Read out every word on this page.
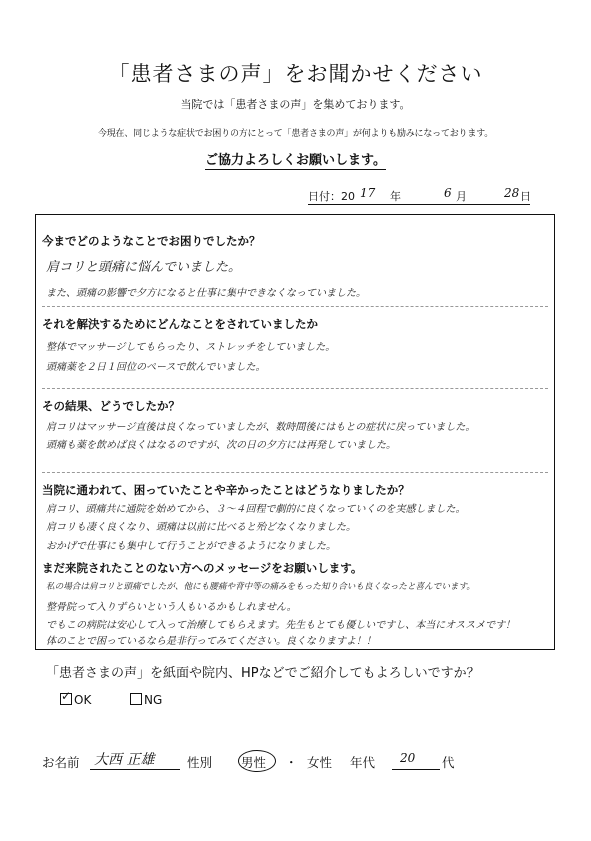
「患者さまの声」をお聞かせください
当院では「患者さまの声」を集めております。
今現在、同じような症状でお困りの方にとって「患者さまの声」が何よりも励みになっております。
ご協力よろしくお願いします。
日付：20 17 年	6 月	28 日
今までどのようなことでお困りでしたか？
肩コリと頭痛に悩んでいました。
また、頭痛の影響で夕方になると仕事に集中できなくなっていました。
それを解決するためにどんなことをされていましたか
整体でマッサージしてもらったり、ストレッチをしていました。
頭痛薬を２日１回位のペースで飲んでいました。
その結果、どうでしたか？
肩コリはマッサージ直後は良くなっていましたが、数時間後にはもとの症状に戻っていました。
頭痛も薬を飲めば良くはなるのですが、次の日の夕方には再発していました。
当院に通われて、困っていたことや辛かったことはどうなりましたか？
肩コリ、頭痛共に通院を始めてから、３～４回程で劇的に良くなっていくのを実感しました。
肩コリも凄く良くなり、頭痛は以前に比べると殆どなくなりました。
おかげで仕事にも集中して行うことができるようになりました。
まだ来院されたことのない方へのメッセージをお願いします。
私の場合は肩コリと頭痛でしたが、他にも腰痛や背中等の痛みをもった知り合いも良くなったと喜んでいます。
整骨院って入りずらいという人もいるかもしれません。
でもこの病院は安心して入って治療してもらえます。先生もとても優しいですし、本当にオススメです！
体のことで困っているなら是非行ってみてください。良くなりますよ！！
「患者さまの声」を紙面や院内、HPなどでご紹介してもよろしいですか？
✓OK	NG
お名前 大西 正雄	性別 男性 ・ 女性 年代 20 代
